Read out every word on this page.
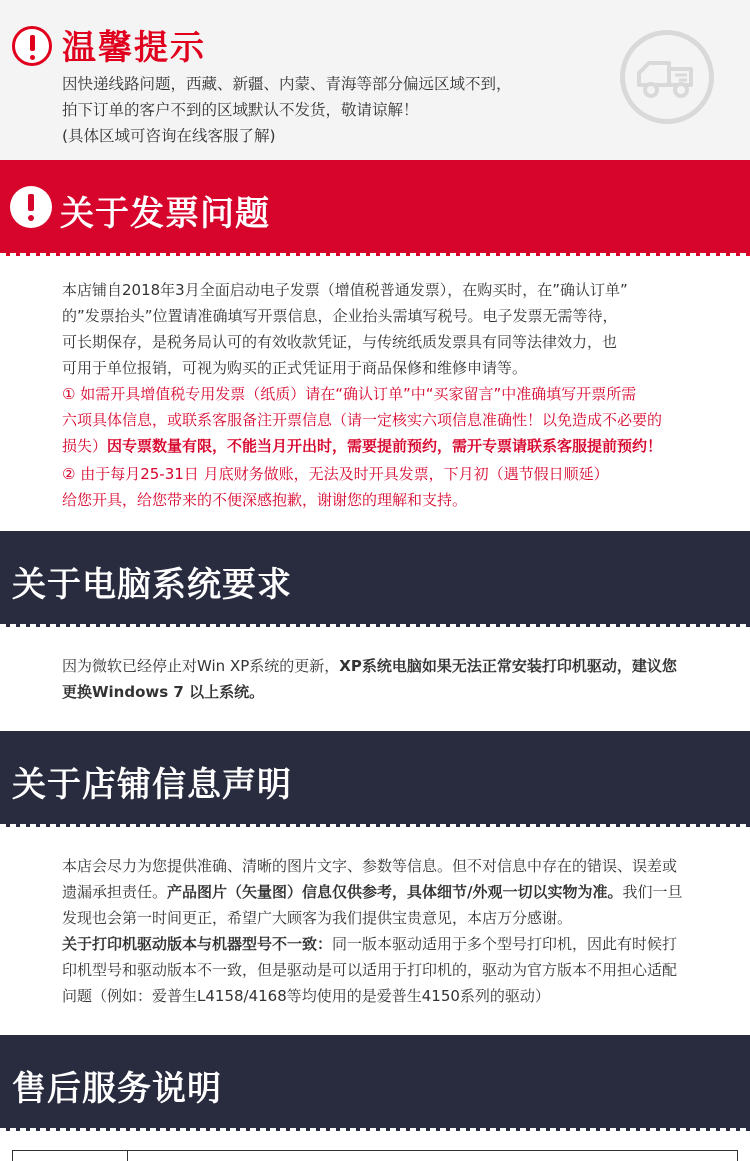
温馨提示
因快递线路问题，西藏、新疆、内蒙、青海等部分偏远区域不到，
拍下订单的客户不到的区域默认不发货，敬请谅解！
(具体区域可咨询在线客服了解)
关于发票问题
本店铺自2018年3月全面启动电子发票（增值税普通发票），在购买时，在”确认订单”
的”发票抬头”位置请准确填写开票信息，企业抬头需填写税号。电子发票无需等待，
可长期保存，是税务局认可的有效收款凭证，与传统纸质发票具有同等法律效力，也
可用于单位报销，可视为购买的正式凭证用于商品保修和维修申请等。
① 如需开具增值税专用发票（纸质）请在“确认订单”中“买家留言”中准确填写开票所需
六项具体信息，或联系客服备注开票信息（请一定核实六项信息准确性！以免造成不必要的
损失）因专票数量有限，不能当月开出时，需要提前预约，需开专票请联系客服提前预约！
② 由于每月25-31日 月底财务做账，无法及时开具发票，下月初（遇节假日顺延）
给您开具，给您带来的不便深感抱歉，谢谢您的理解和支持。
关于电脑系统要求
因为微软已经停止对Win XP系统的更新，XP系统电脑如果无法正常安装打印机驱动，建议您
更换Windows 7 以上系统。
关于店铺信息声明
本店会尽力为您提供准确、清晰的图片文字、参数等信息。但不对信息中存在的错误、误差或
遗漏承担责任。产品图片（矢量图）信息仅供参考，具体细节/外观一切以实物为准。我们一旦
发现也会第一时间更正，希望广大顾客为我们提供宝贵意见，本店万分感谢。
关于打印机驱动版本与机器型号不一致：同一版本驱动适用于多个型号打印机，因此有时候打
印机型号和驱动版本不一致，但是驱动是可以适用于打印机的，驱动为官方版本不用担心适配
问题（例如：爱普生L4158/4168等均使用的是爱普生4150系列的驱动）
售后服务说明
